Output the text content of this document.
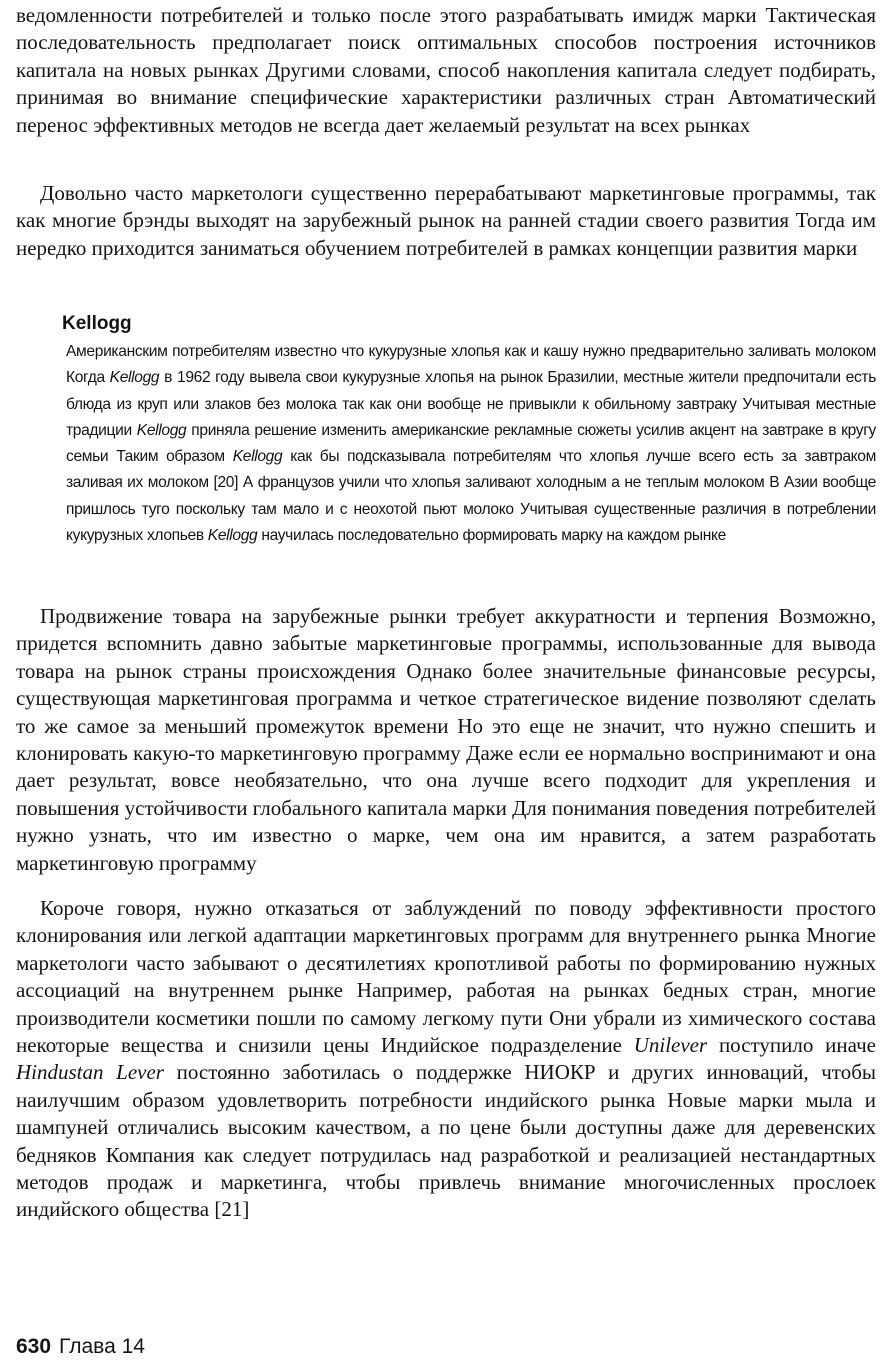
ведомленности потребителей и только после этого разрабатывать имидж марки Тактическая последовательность предполагает поиск оптимальных способов построения источников капитала на новых рынках Другими словами, способ накопления капитала следует подбирать, принимая во внимание специфические характеристики различных стран Автоматический перенос эффективных методов не всегда дает желаемый результат на всех рынках

Довольно часто маркетологи существенно перерабатывают маркетинговые программы, так как многие брэнды выходят на зарубежный рынок на ранней стадии своего развития Тогда им нередко приходится заниматься обучением потребителей в рамках концепции развития марки

Kellogg

Американским потребителям известно что кукурузные хлопья как и кашу нужно предварительно заливать молоком Когда Kellogg в 1962 году вывела свои кукурузные хлопья на рынок Бразилии, местные жители предпочитали есть блюда из круп или злаков без молока так как они вообще не привыкли к обильному завтраку Учитывая местные традиции Kellogg приняла решение изменить американские рекламные сюжеты усилив акцент на завтраке в кругу семьи Таким образом Kellogg как бы подсказывала потребителям что хлопья лучше всего есть за завтраком заливая их молоком [20] А французов учили что хлопья заливают холодным а не теплым молоком В Азии вообще пришлось туго поскольку там мало и с неохотой пьют молоко Учитывая существенные различия в потреблении кукурузных хлопьев Kellogg научилась последовательно формировать марку на каждом рынке

Продвижение товара на зарубежные рынки требует аккуратности и терпения Возможно, придется вспомнить давно забытые маркетинговые программы, использованные для вывода товара на рынок страны происхождения Однако более значительные финансовые ресурсы, существующая маркетинговая программа и четкое стратегическое видение позволяют сделать то же самое за меньший промежуток времени Но это еще не значит, что нужно спешить и клонировать какую-то маркетинговую программу Даже если ее нормально воспринимают и она дает результат, вовсе необязательно, что она лучше всего подходит для укрепления и повышения устойчивости глобального капитала марки Для понимания поведения потребителей нужно узнать, что им известно о марке, чем она им нравится, а затем разработать маркетинговую программу

Короче говоря, нужно отказаться от заблуждений по поводу эффективности простого клонирования или легкой адаптации маркетинговых программ для внутреннего рынка Многие маркетологи часто забывают о десятилетиях кропотливой работы по формированию нужных ассоциаций на внутреннем рынке Например, работая на рынках бедных стран, многие производители косметики пошли по самому легкому пути Они убрали из химического состава некоторые вещества и снизили цены Индийское подразделение Unilever поступило иначе Hindustan Lever постоянно заботилась о поддержке НИОКР и других инноваций, чтобы наилучшим образом удовлетворить потребности индийского рынка Новые марки мыла и шампуней отличались высоким качеством, а по цене были доступны даже для деревенских бедняков Компания как следует потрудилась над разработкой и реализацией нестандартных методов продаж и маркетинга, чтобы привлечь внимание многочисленных прослоек индийского общества [21]

630 Глава 14
